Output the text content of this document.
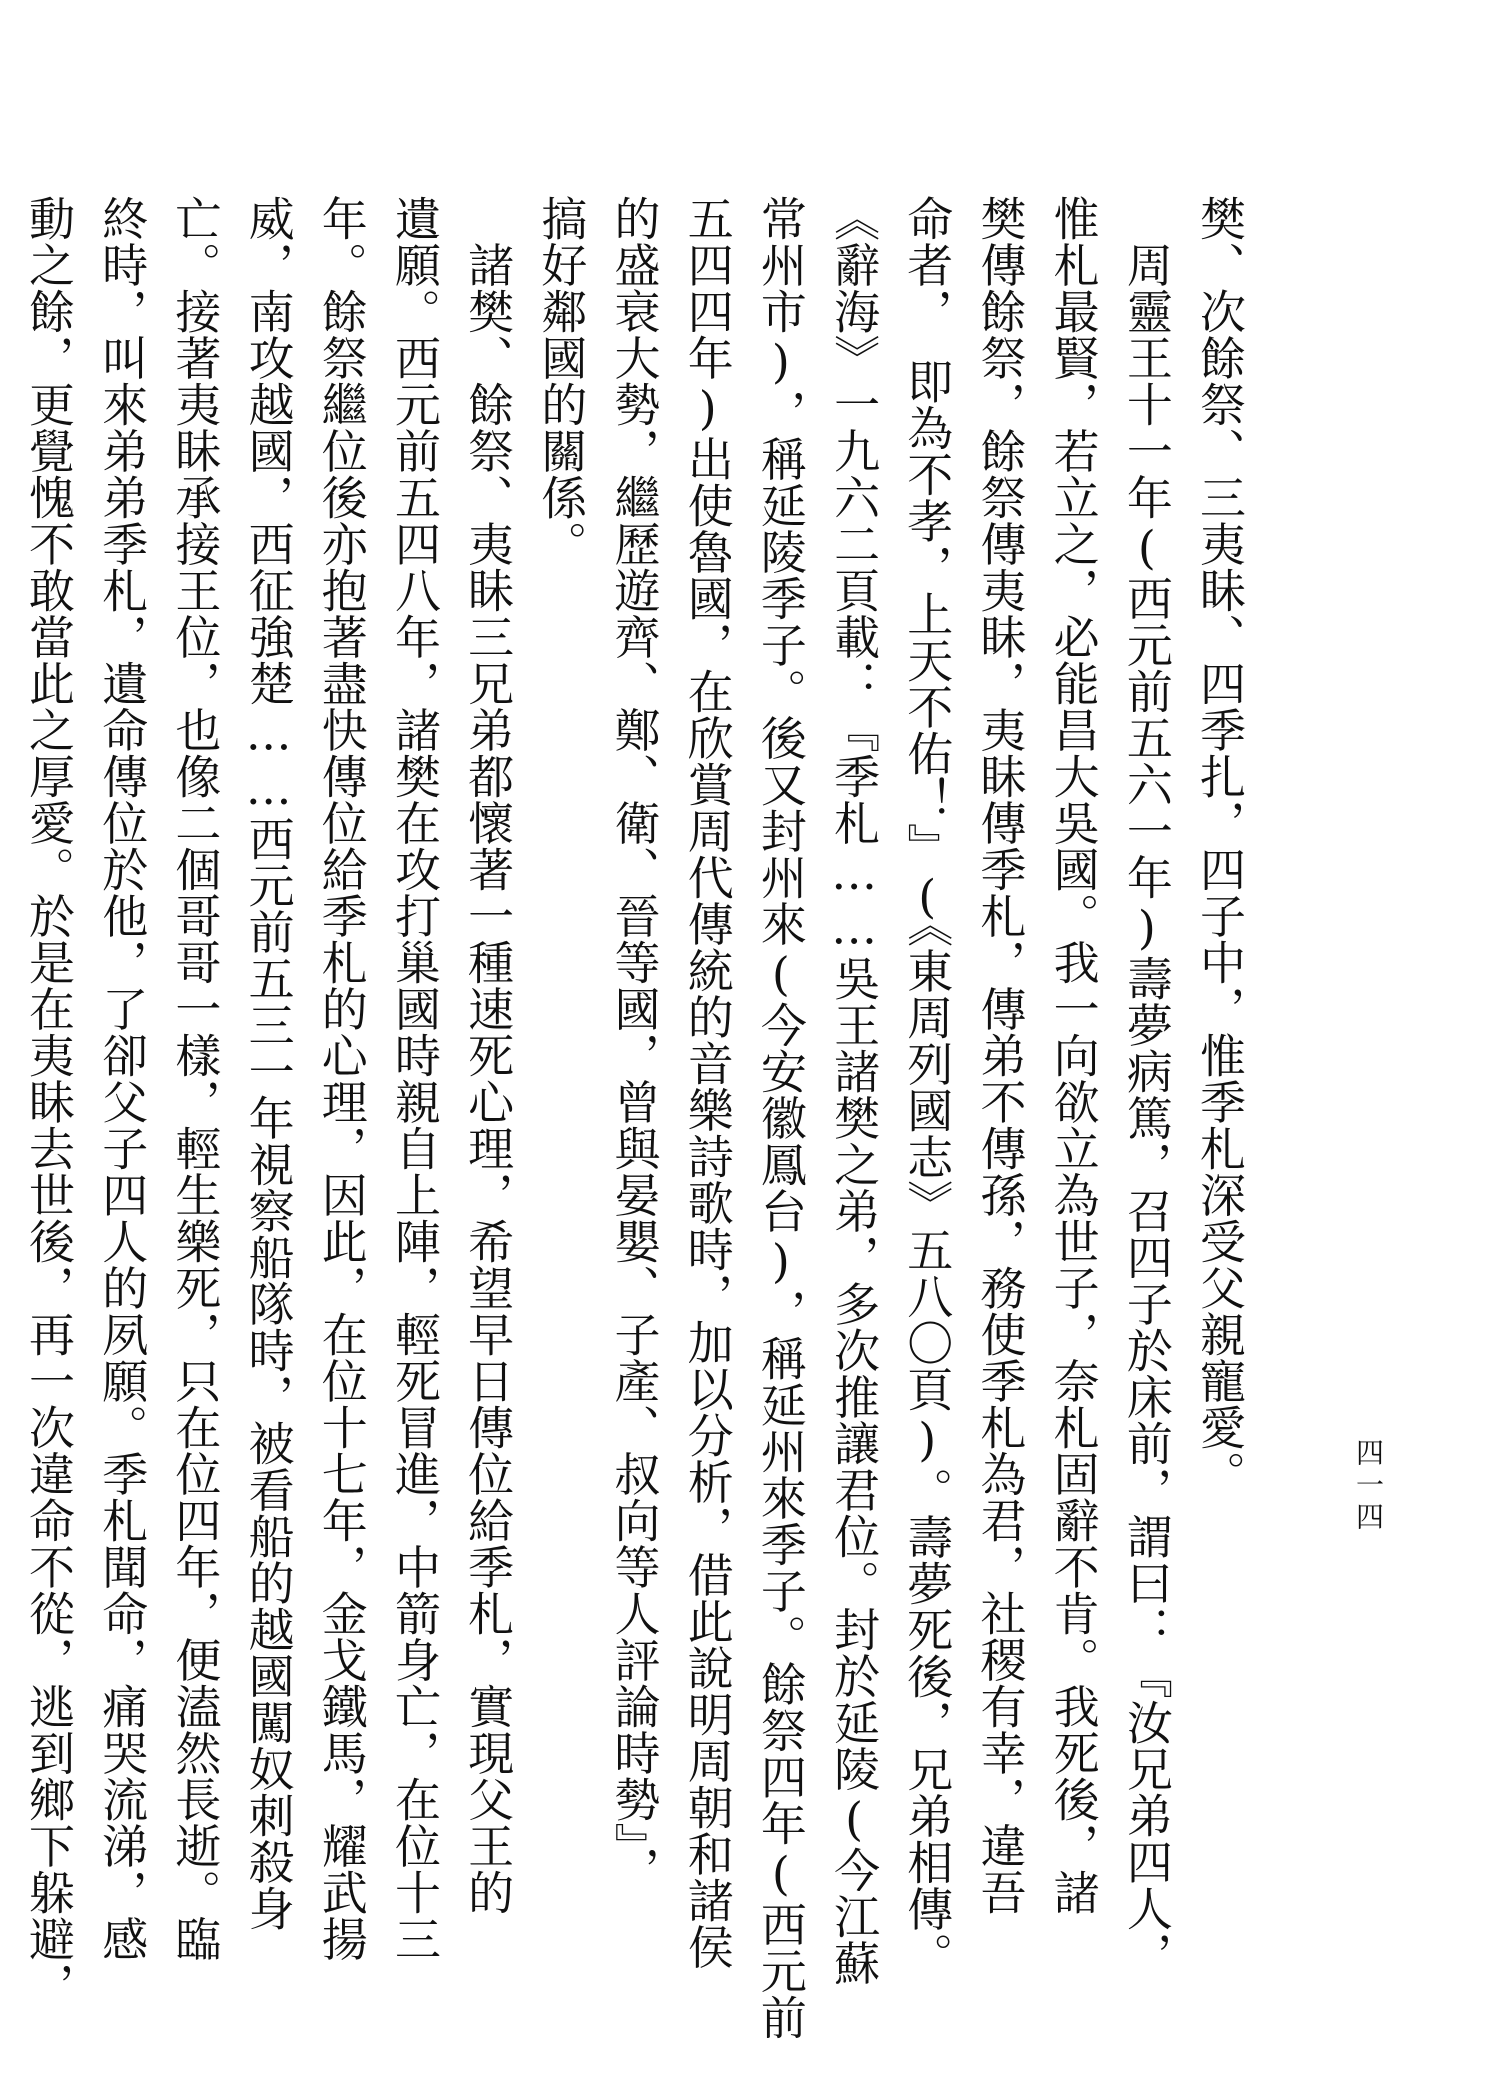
四一四
樊、次餘祭、三夷眛、四季扎，四子中，惟季札深受父親寵愛。
　周靈王十一年(西元前五六一年)壽夢病篤，召四子於床前，謂曰：『汝兄弟四人，
惟札最賢，若立之，必能昌大吳國。我一向欲立為世子，奈札固辭不肯。我死後，諸
樊傳餘祭，餘祭傳夷眛，夷眛傳季札，傳弟不傳孫，務使季札為君，社稷有幸，違吾
命者，　即為不孝，上天不佑！』(《東周列國志》五八〇頁)。壽夢死後，兄弟相傳。
《辭海》一九六二頁載：『季札……吳王諸樊之弟，多次推讓君位。封於延陵(今江蘇
常州市)，稱延陵季子。後又封州來(今安徽鳳台)，稱延州來季子。餘祭四年(西元前
五四四年)出使魯國，在欣賞周代傳統的音樂詩歌時，加以分析，借此說明周朝和諸侯
的盛衰大勢，繼歷遊齊、鄭、衛、晉等國，曾與晏嬰、子產、叔向等人評論時勢』，
搞好鄰國的關係。
　諸樊、餘祭、夷眛三兄弟都懷著一種速死心理，希望早日傳位給季札，實現父王的
遺願。西元前五四八年，諸樊在攻打巢國時親自上陣，輕死冒進，中箭身亡，在位十三
年。餘祭繼位後亦抱著盡快傳位給季札的心理，因此，在位十七年，金戈鐵馬，耀武揚
威，南攻越國，西征強楚……西元前五三一年視察船隊時，被看船的越國闖奴刺殺身
亡。接著夷眛承接王位，也像二個哥哥一樣，輕生樂死，只在位四年，便溘然長逝。臨
終時，叫來弟弟季札，遺命傳位於他，了卻父子四人的夙願。季札聞命，痛哭流涕，感
動之餘，更覺愧不敢當此之厚愛。於是在夷眛去世後，再一次違命不從，逃到鄉下躲避，
